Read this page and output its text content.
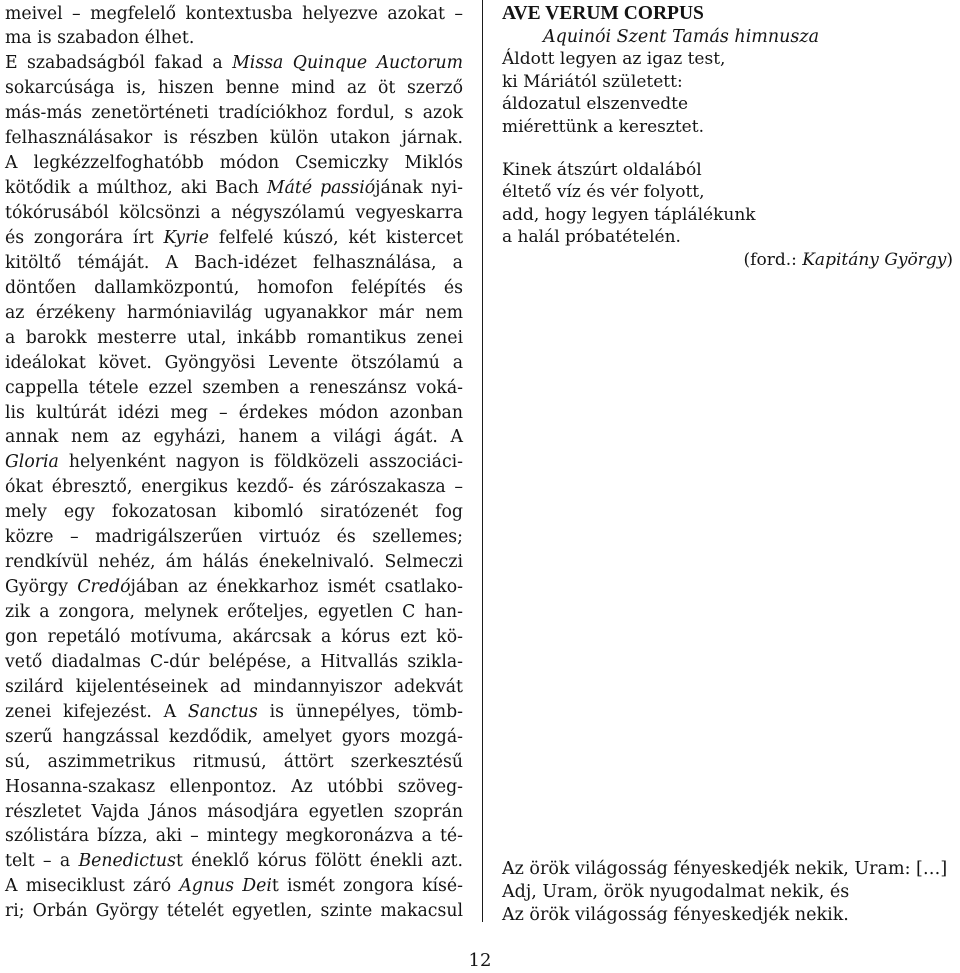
meivel – megfelelő kontextusba helyezve azokat –
ma is szabadon élhet.
E szabadságból fakad a Missa Quinque Auctorum
sokarcúsága is, hiszen benne mind az öt szerző
más-más zenetörténeti tradíciókhoz fordul, s azok
felhasználásakor is részben külön utakon járnak.
A legkézzelfoghatóbb módon Csemiczky Miklós
kötődik a múlthoz, aki Bach Máté passiójának nyi-
tókórusából kölcsönzi a négyszólamú vegyeskarra
és zongorára írt Kyrie felfelé kúszó, két kistercet
kitöltő témáját. A Bach-idézet felhasználása, a
döntően dallamközpontú, homofon felépítés és
az érzékeny harmóniavilág ugyanakkor már nem
a barokk mesterre utal, inkább romantikus zenei
ideálokat követ. Gyöngyösi Levente ötszólamú a
cappella tétele ezzel szemben a reneszánsz voká-
lis kultúrát idézi meg – érdekes módon azonban
annak nem az egyházi, hanem a világi ágát. A
Gloria helyenként nagyon is földközeli asszociáci-
ókat ébresztő, energikus kezdő- és zárószakasza –
mely egy fokozatosan kibomló siratózenét fog
közre – madrigálszerűen virtuóz és szellemes;
rendkívül nehéz, ám hálás énekelnivaló. Selmeczi
György Credójában az énekkarhoz ismét csatlako-
zik a zongora, melynek erőteljes, egyetlen C han-
gon repetáló motívuma, akárcsak a kórus ezt kö-
vető diadalmas C-dúr belépése, a Hitvallás szikla-
szilárd kijelentéseinek ad mindannyiszor adekvát
zenei kifejezést. A Sanctus is ünnepélyes, tömb-
szerű hangzással kezdődik, amelyet gyors mozgá-
sú, aszimmetrikus ritmusú, áttört szerkesztésű
Hosanna-szakasz ellenpontoz. Az utóbbi szöveg-
részletet Vajda János másodjára egyetlen szoprán
szólistára bízza, aki – mintegy megkoronázva a té-
telt – a Benedictust éneklő kórus fölött énekli azt.
A miseciklust záró Agnus Deit ismét zongora kísé-
ri; Orbán György tételét egyetlen, szinte makacsul
AVE VERUM CORPUS
Aquinói Szent Tamás himnusza
Áldott legyen az igaz test,
ki Máriától született:
áldozatul elszenvedte
miérettünk a keresztet.
Kinek átszúrt oldalából
éltető víz és vér folyott,
add, hogy legyen táplálékunk
a halál próbatételén.
(ford.: Kapitány György)
Az örök világosság fényeskedjék nekik, Uram: […]
Adj, Uram, örök nyugodalmat nekik, és
Az örök világosság fényeskedjék nekik.
12
